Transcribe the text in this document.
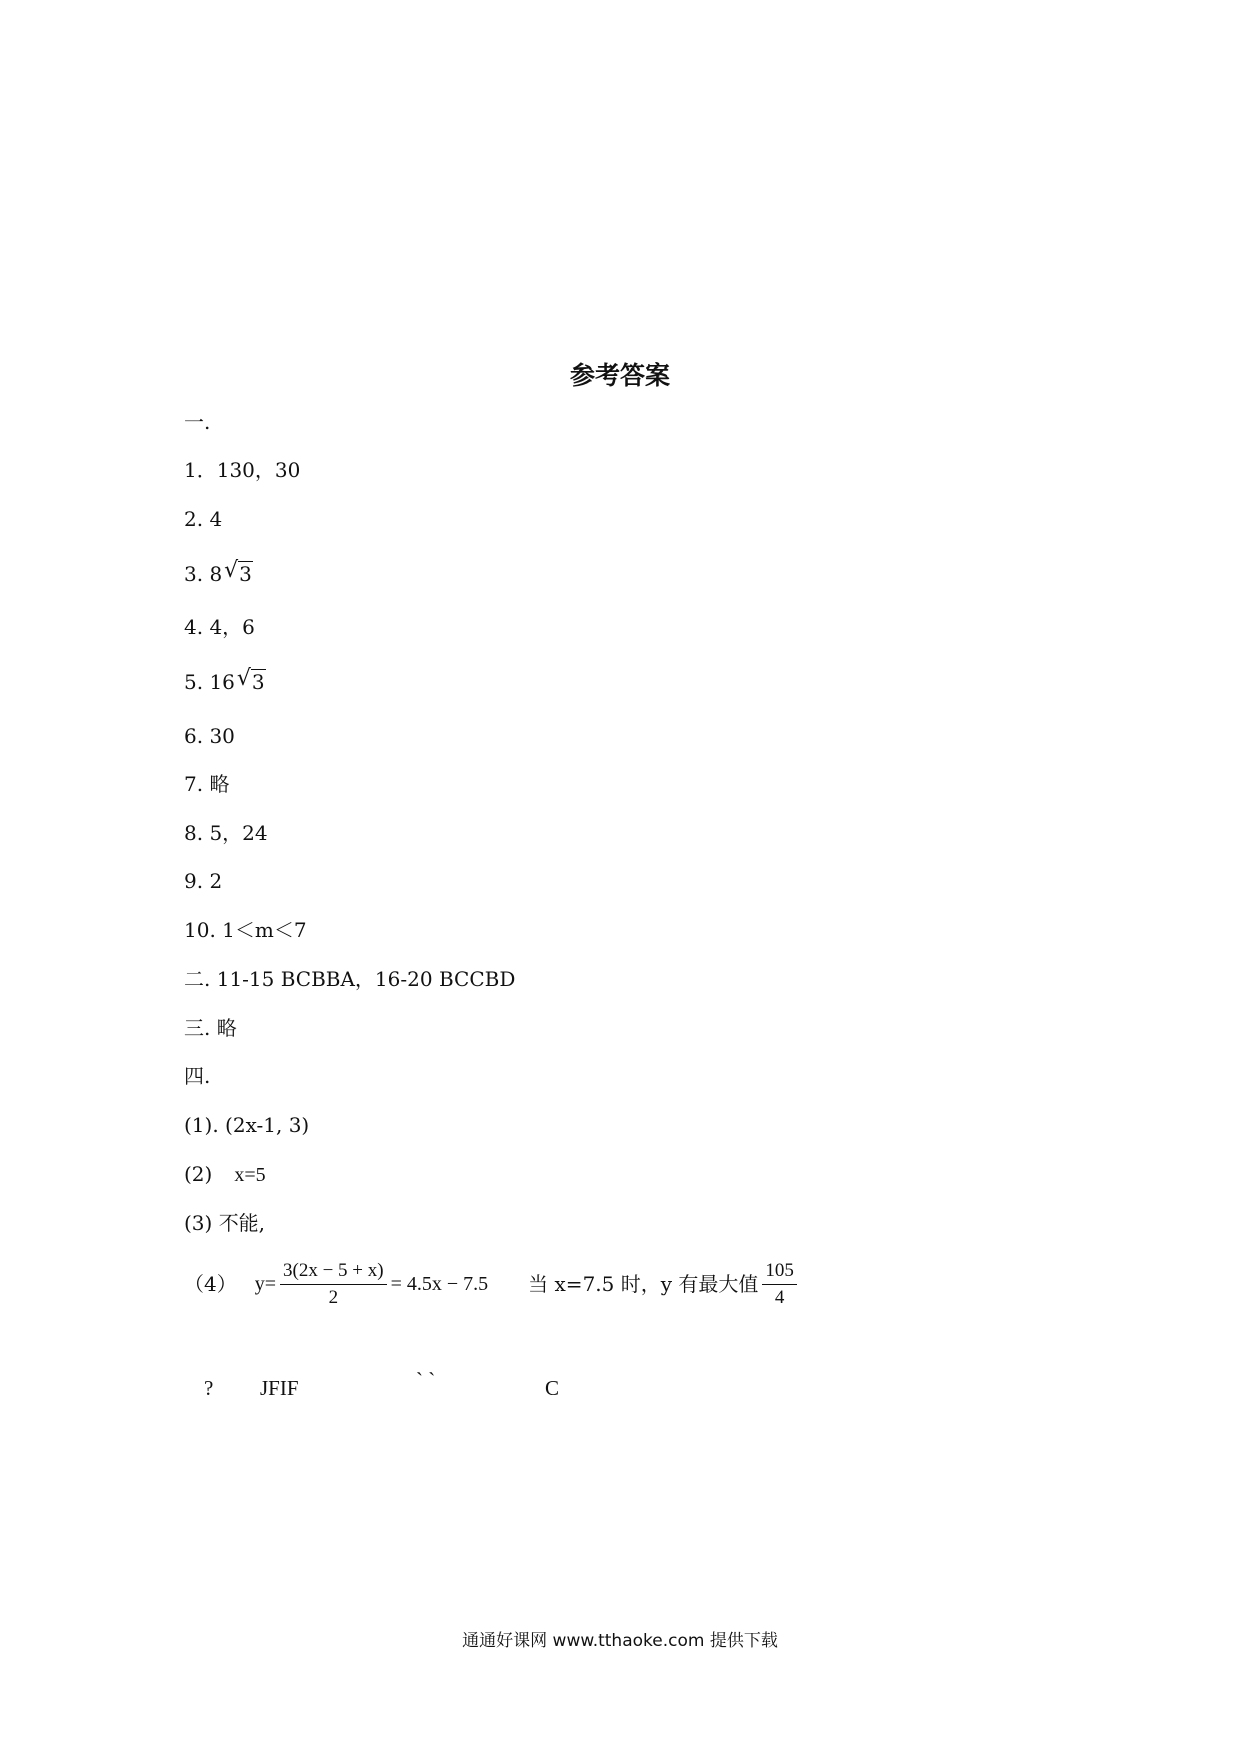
参考答案
一.
1．130，30
2. 4
3. 8 √ 3
4. 4，6
5. 16 √ 3
6. 30
7. 略
8. 5，24
9. 2
10. 1＜m＜7
二. 11-15 BCBBA，16-20 BCCBD
三. 略
四.
(1). (2x-1, 3)
(2) x=5
(3) 不能,
（4） $y= \frac{3(2x - 5 + x)}{2} = 4.5x - 7.5$ 当 x=7.5 时，y 有最大值 $\frac{105}{4}$
? JFIF	` `	C
通通好课网 www.tthaoke.com 提供下载
